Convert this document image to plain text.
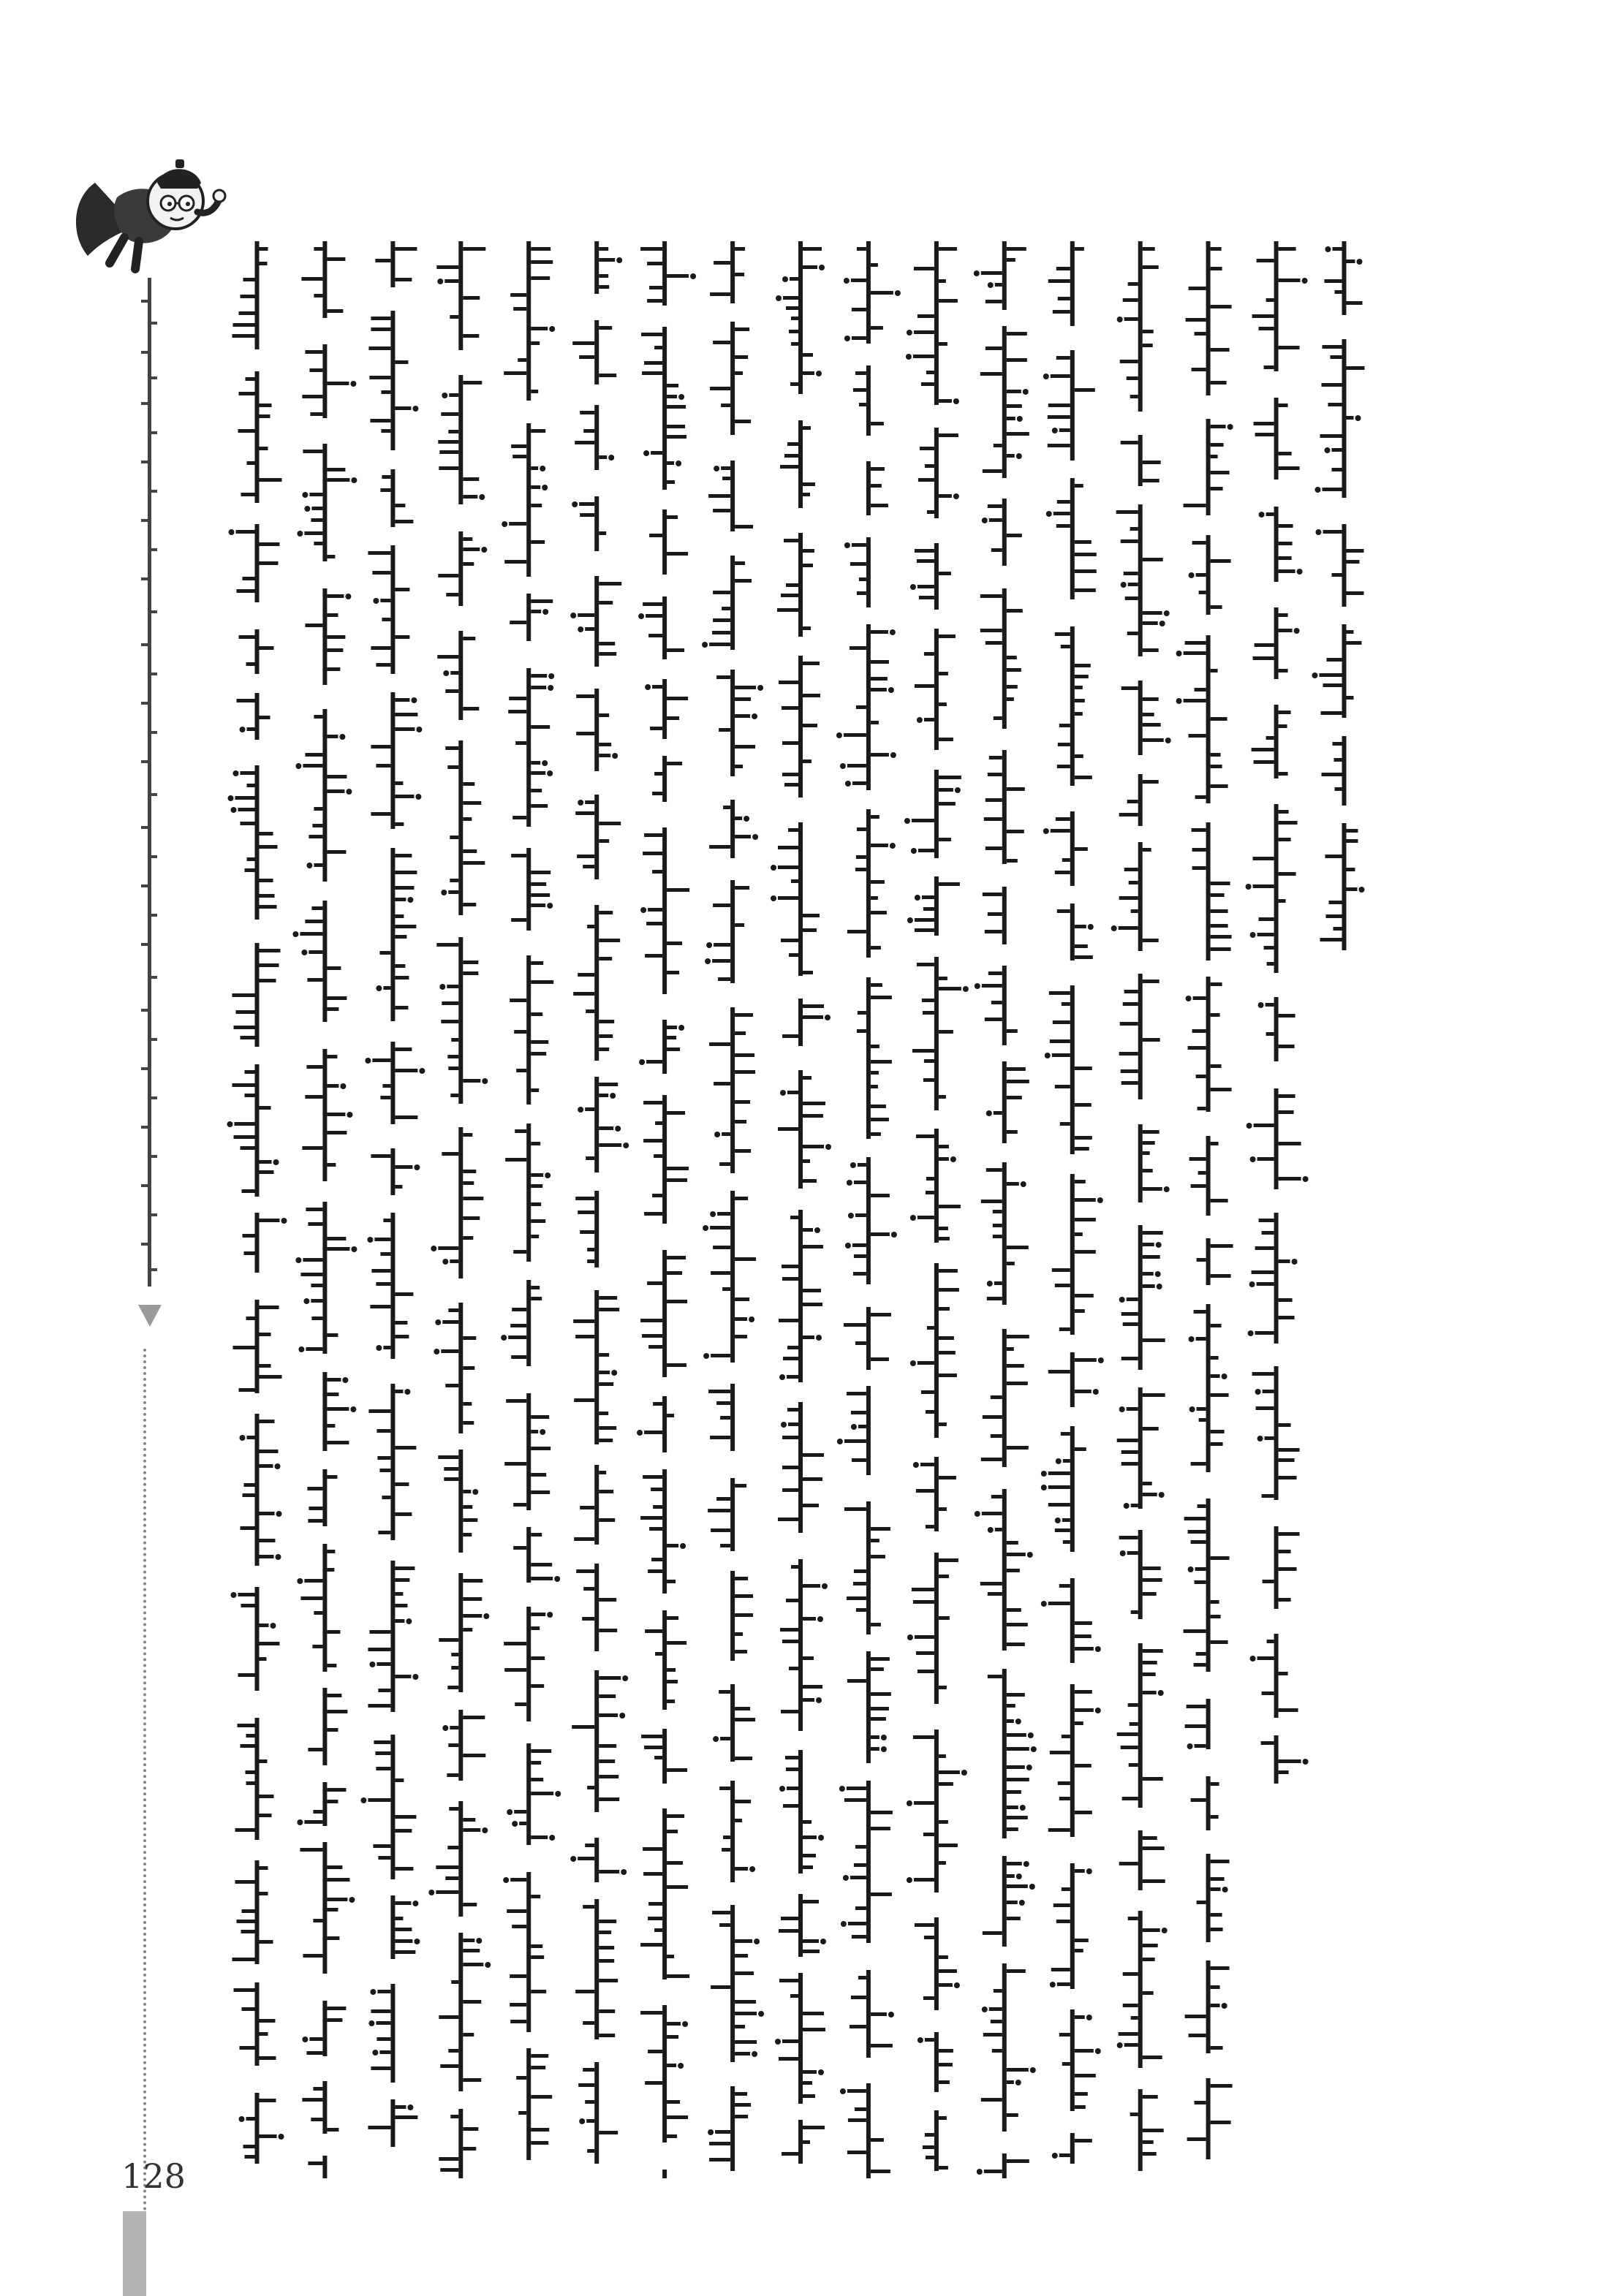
128
